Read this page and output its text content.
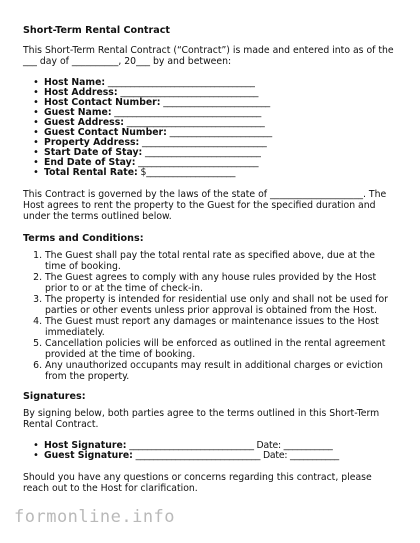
Short-Term Rental Contract

This Short-Term Rental Contract (“Contract”) is made and entered into as of the ___ day of __________, 20___ by and between:

• Host Name: _________________________________
• Host Address: _______________________________
• Host Contact Number: ________________________
• Guest Name: _________________________________
• Guest Address: _______________________________
• Guest Contact Number: _______________________
• Property Address: ____________________________
• Start Date of Stay: __________________________
• End Date of Stay: ___________________________
• Total Rental Rate: $____________________

This Contract is governed by the laws of the state of ____________________. The Host agrees to rent the property to the Guest for the specified duration and under the terms outlined below.

Terms and Conditions:
1. The Guest shall pay the total rental rate as specified above, due at the time of booking.
2. The Guest agrees to comply with any house rules provided by the Host prior to or at the time of check-in.
3. The property is intended for residential use only and shall not be used for parties or other events unless prior approval is obtained from the Host.
4. The Guest must report any damages or maintenance issues to the Host immediately.
5. Cancellation policies will be enforced as outlined in the rental agreement provided at the time of booking.
6. Any unauthorized occupants may result in additional charges or eviction from the property.
Signatures:

By signing below, both parties agree to the terms outlined in this Short-Term Rental Contract.

• Host Signature: ____________________________ Date: ___________
• Guest Signature: ____________________________ Date: ___________

Should you have any questions or concerns regarding this contract, please reach out to the Host for clarification.

formonline.info
